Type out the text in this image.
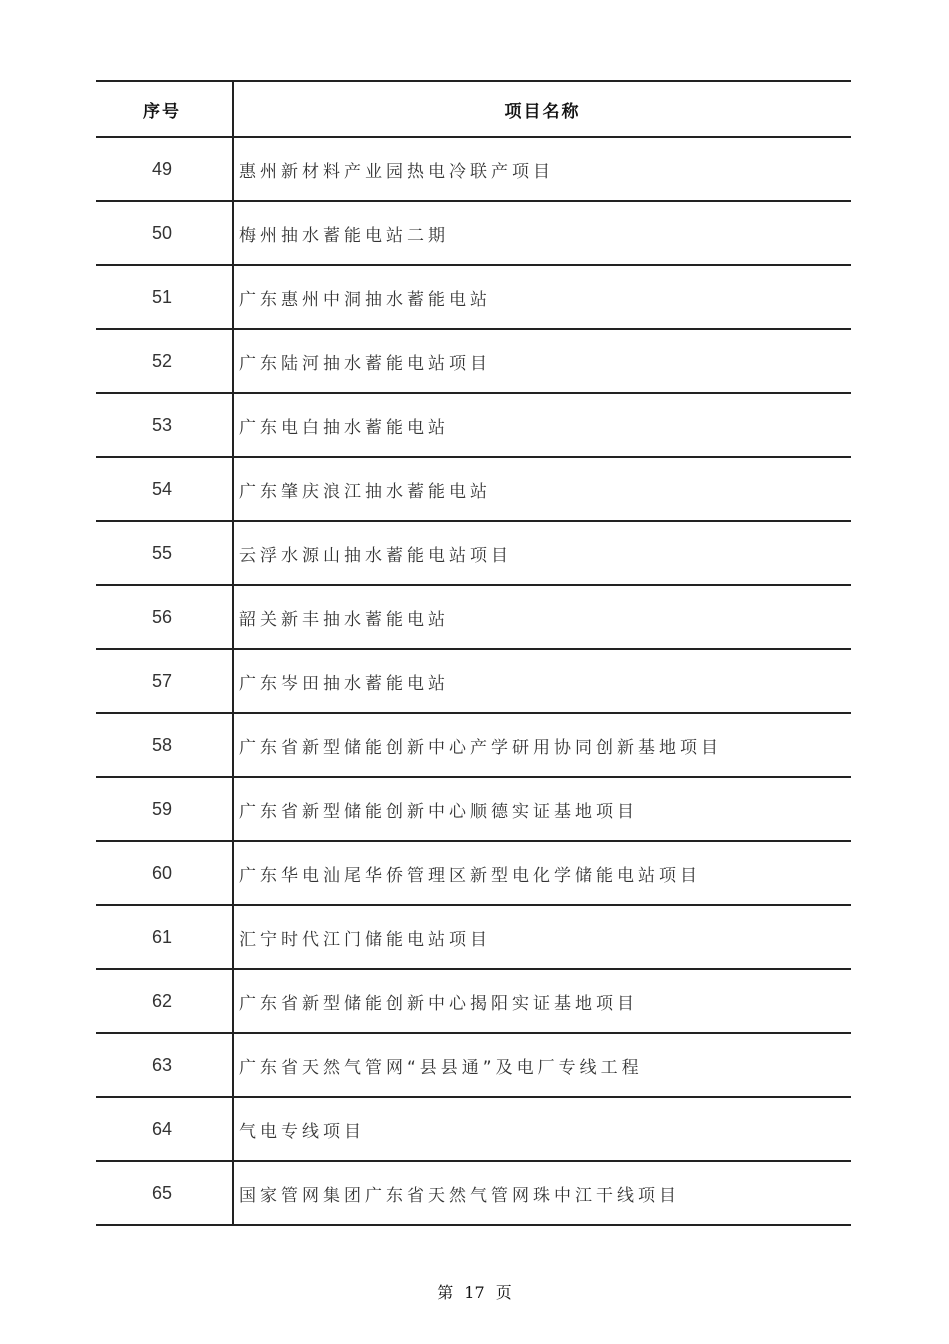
序号	项目名称
49	惠州新材料产业园热电冷联产项目
50	梅州抽水蓄能电站二期
51	广东惠州中洞抽水蓄能电站
52	广东陆河抽水蓄能电站项目
53	广东电白抽水蓄能电站
54	广东肇庆浪江抽水蓄能电站
55	云浮水源山抽水蓄能电站项目
56	韶关新丰抽水蓄能电站
57	广东岑田抽水蓄能电站
58	广东省新型储能创新中心产学研用协同创新基地项目
59	广东省新型储能创新中心顺德实证基地项目
60	广东华电汕尾华侨管理区新型电化学储能电站项目
61	汇宁时代江门储能电站项目
62	广东省新型储能创新中心揭阳实证基地项目
63	广东省天然气管网“县县通”及电厂专线工程
64	气电专线项目
65	国家管网集团广东省天然气管网珠中江干线项目
第 17 页
